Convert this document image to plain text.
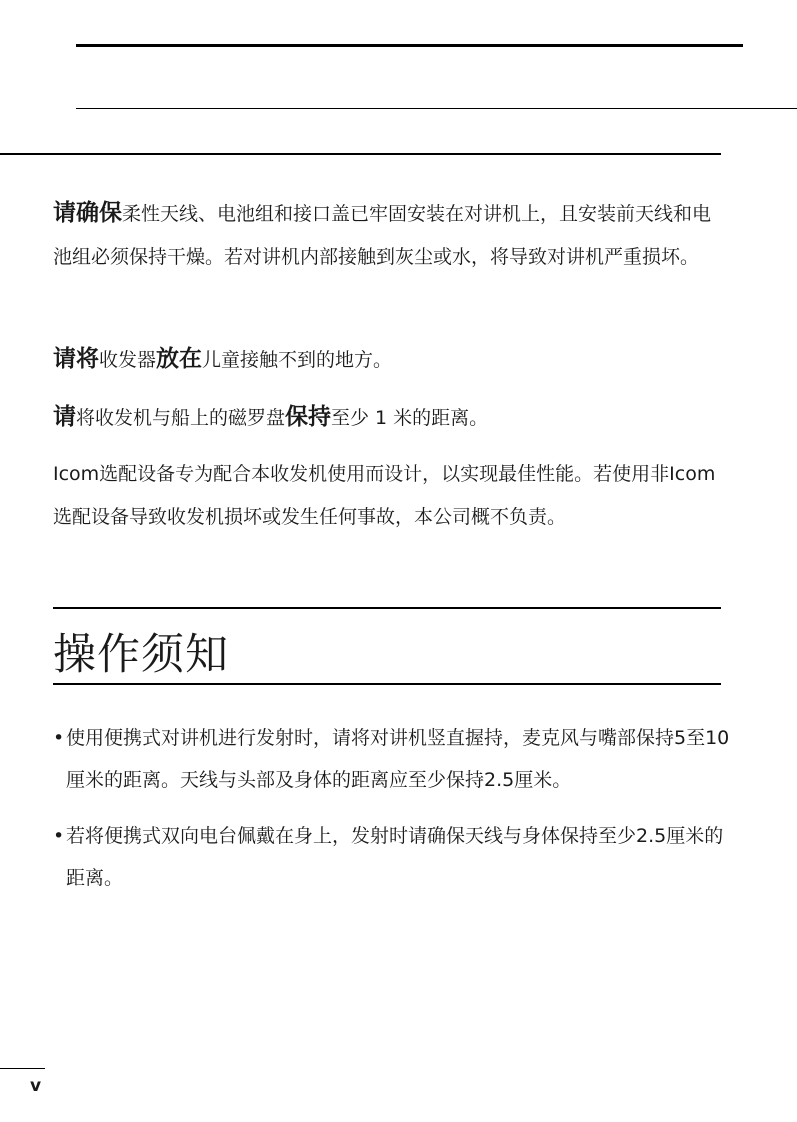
请确保柔性天线、电池组和接口盖已牢固安装在对讲机上，且安装前天线和电池组必须保持干燥。若对讲机内部接触到灰尘或水，将导致对讲机严重损坏。

请将收发器放在儿童接触不到的地方。

请将收发机与船上的磁罗盘保持至少 1 米的距离。

Icom选配设备专为配合本收发机使用而设计，以实现最佳性能。若使用非Icom选配设备导致收发机损坏或发生任何事故，本公司概不负责。

操作须知

•使用便携式对讲机进行发射时，请将对讲机竖直握持，麦克风与嘴部保持5至10厘米的距离。天线与头部及身体的距离应至少保持2.5厘米。

•若将便携式双向电台佩戴在身上，发射时请确保天线与身体保持至少2.5厘米的距离。

v
